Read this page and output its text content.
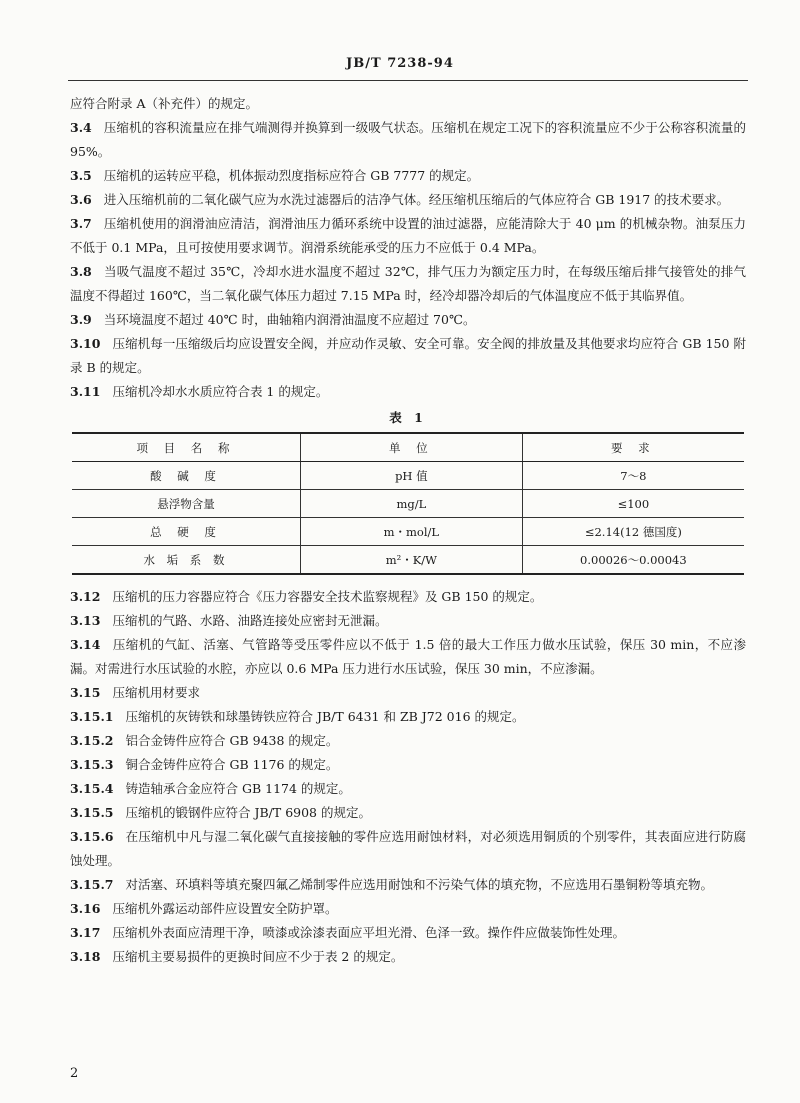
JB/T 7238-94

应符合附录 A（补充件）的规定。

3.4 压缩机的容积流量应在排气端测得并换算到一级吸气状态。压缩机在规定工况下的容积流量应不少于公称容积流量的 95%。

3.5 压缩机的运转应平稳，机体振动烈度指标应符合 GB 7777 的规定。

3.6 进入压缩机前的二氧化碳气应为水洗过滤器后的洁净气体。经压缩机压缩后的气体应符合 GB 1917 的技术要求。

3.7 压缩机使用的润滑油应清洁，润滑油压力循环系统中设置的油过滤器，应能清除大于 40 μm 的机械杂物。油泵压力不低于 0.1 MPa，且可按使用要求调节。润滑系统能承受的压力不应低于 0.4 MPa。

3.8 当吸气温度不超过 35℃，冷却水进水温度不超过 32℃，排气压力为额定压力时，在每级压缩后排气接管处的排气温度不得超过 160℃，当二氧化碳气体压力超过 7.15 MPa 时，经冷却器冷却后的气体温度应不低于其临界值。

3.9 当环境温度不超过 40℃ 时，曲轴箱内润滑油温度不应超过 70℃。

3.10 压缩机每一压缩级后均应设置安全阀，并应动作灵敏、安全可靠。安全阀的排放量及其他要求均应符合 GB 150 附录 B 的规定。

3.11 压缩机冷却水水质应符合表 1 的规定。

表 1
项 目 名 称	单 位	要 求
酸 碱 度	pH 值	7～8
悬浮物含量	mg/L	≤100
总 硬 度	m・mol/L	≤2.14(12 德国度)
水 垢 系 数	m²・K/W	0.00026～0.00043

3.12 压缩机的压力容器应符合《压力容器安全技术监察规程》及 GB 150 的规定。

3.13 压缩机的气路、水路、油路连接处应密封无泄漏。

3.14 压缩机的气缸、活塞、气管路等受压零件应以不低于 1.5 倍的最大工作压力做水压试验，保压 30 min，不应渗漏。对需进行水压试验的水腔，亦应以 0.6 MPa 压力进行水压试验，保压 30 min，不应渗漏。

3.15 压缩机用材要求

3.15.1 压缩机的灰铸铁和球墨铸铁应符合 JB/T 6431 和 ZB J72 016 的规定。

3.15.2 铝合金铸件应符合 GB 9438 的规定。

3.15.3 铜合金铸件应符合 GB 1176 的规定。

3.15.4 铸造轴承合金应符合 GB 1174 的规定。

3.15.5 压缩机的锻钢件应符合 JB/T 6908 的规定。

3.15.6 在压缩机中凡与湿二氧化碳气直接接触的零件应选用耐蚀材料，对必须选用铜质的个别零件，其表面应进行防腐蚀处理。

3.15.7 对活塞、环填料等填充聚四氟乙烯制零件应选用耐蚀和不污染气体的填充物，不应选用石墨铜粉等填充物。

3.16 压缩机外露运动部件应设置安全防护罩。

3.17 压缩机外表面应清理干净，喷漆或涂漆表面应平坦光滑、色泽一致。操作件应做装饰性处理。

3.18 压缩机主要易损件的更换时间应不少于表 2 的规定。

2
